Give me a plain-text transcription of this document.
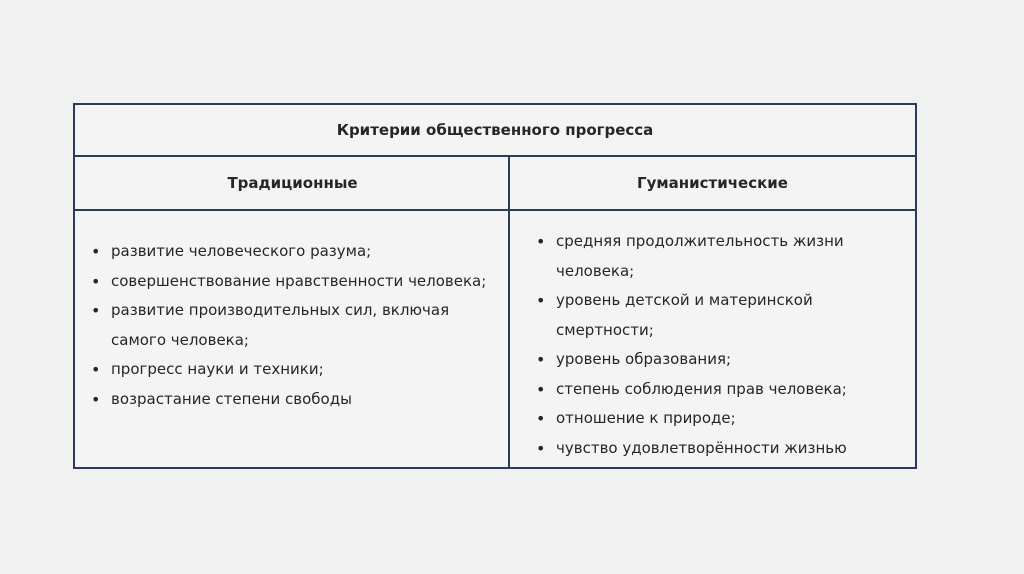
Критерии общественного прогресса
Традиционные	Гуманистические
• развитие человеческого разума;
• совершенствование нравственности человека;
• развитие производительных сил, включая самого человека;
• прогресс науки и техники;
• возрастание степени свободы
• средняя продолжительность жизни человека;
• уровень детской и материнской смертности;
• уровень образования;
• степень соблюдения прав человека;
• отношение к природе;
• чувство удовлетворённости жизнью
